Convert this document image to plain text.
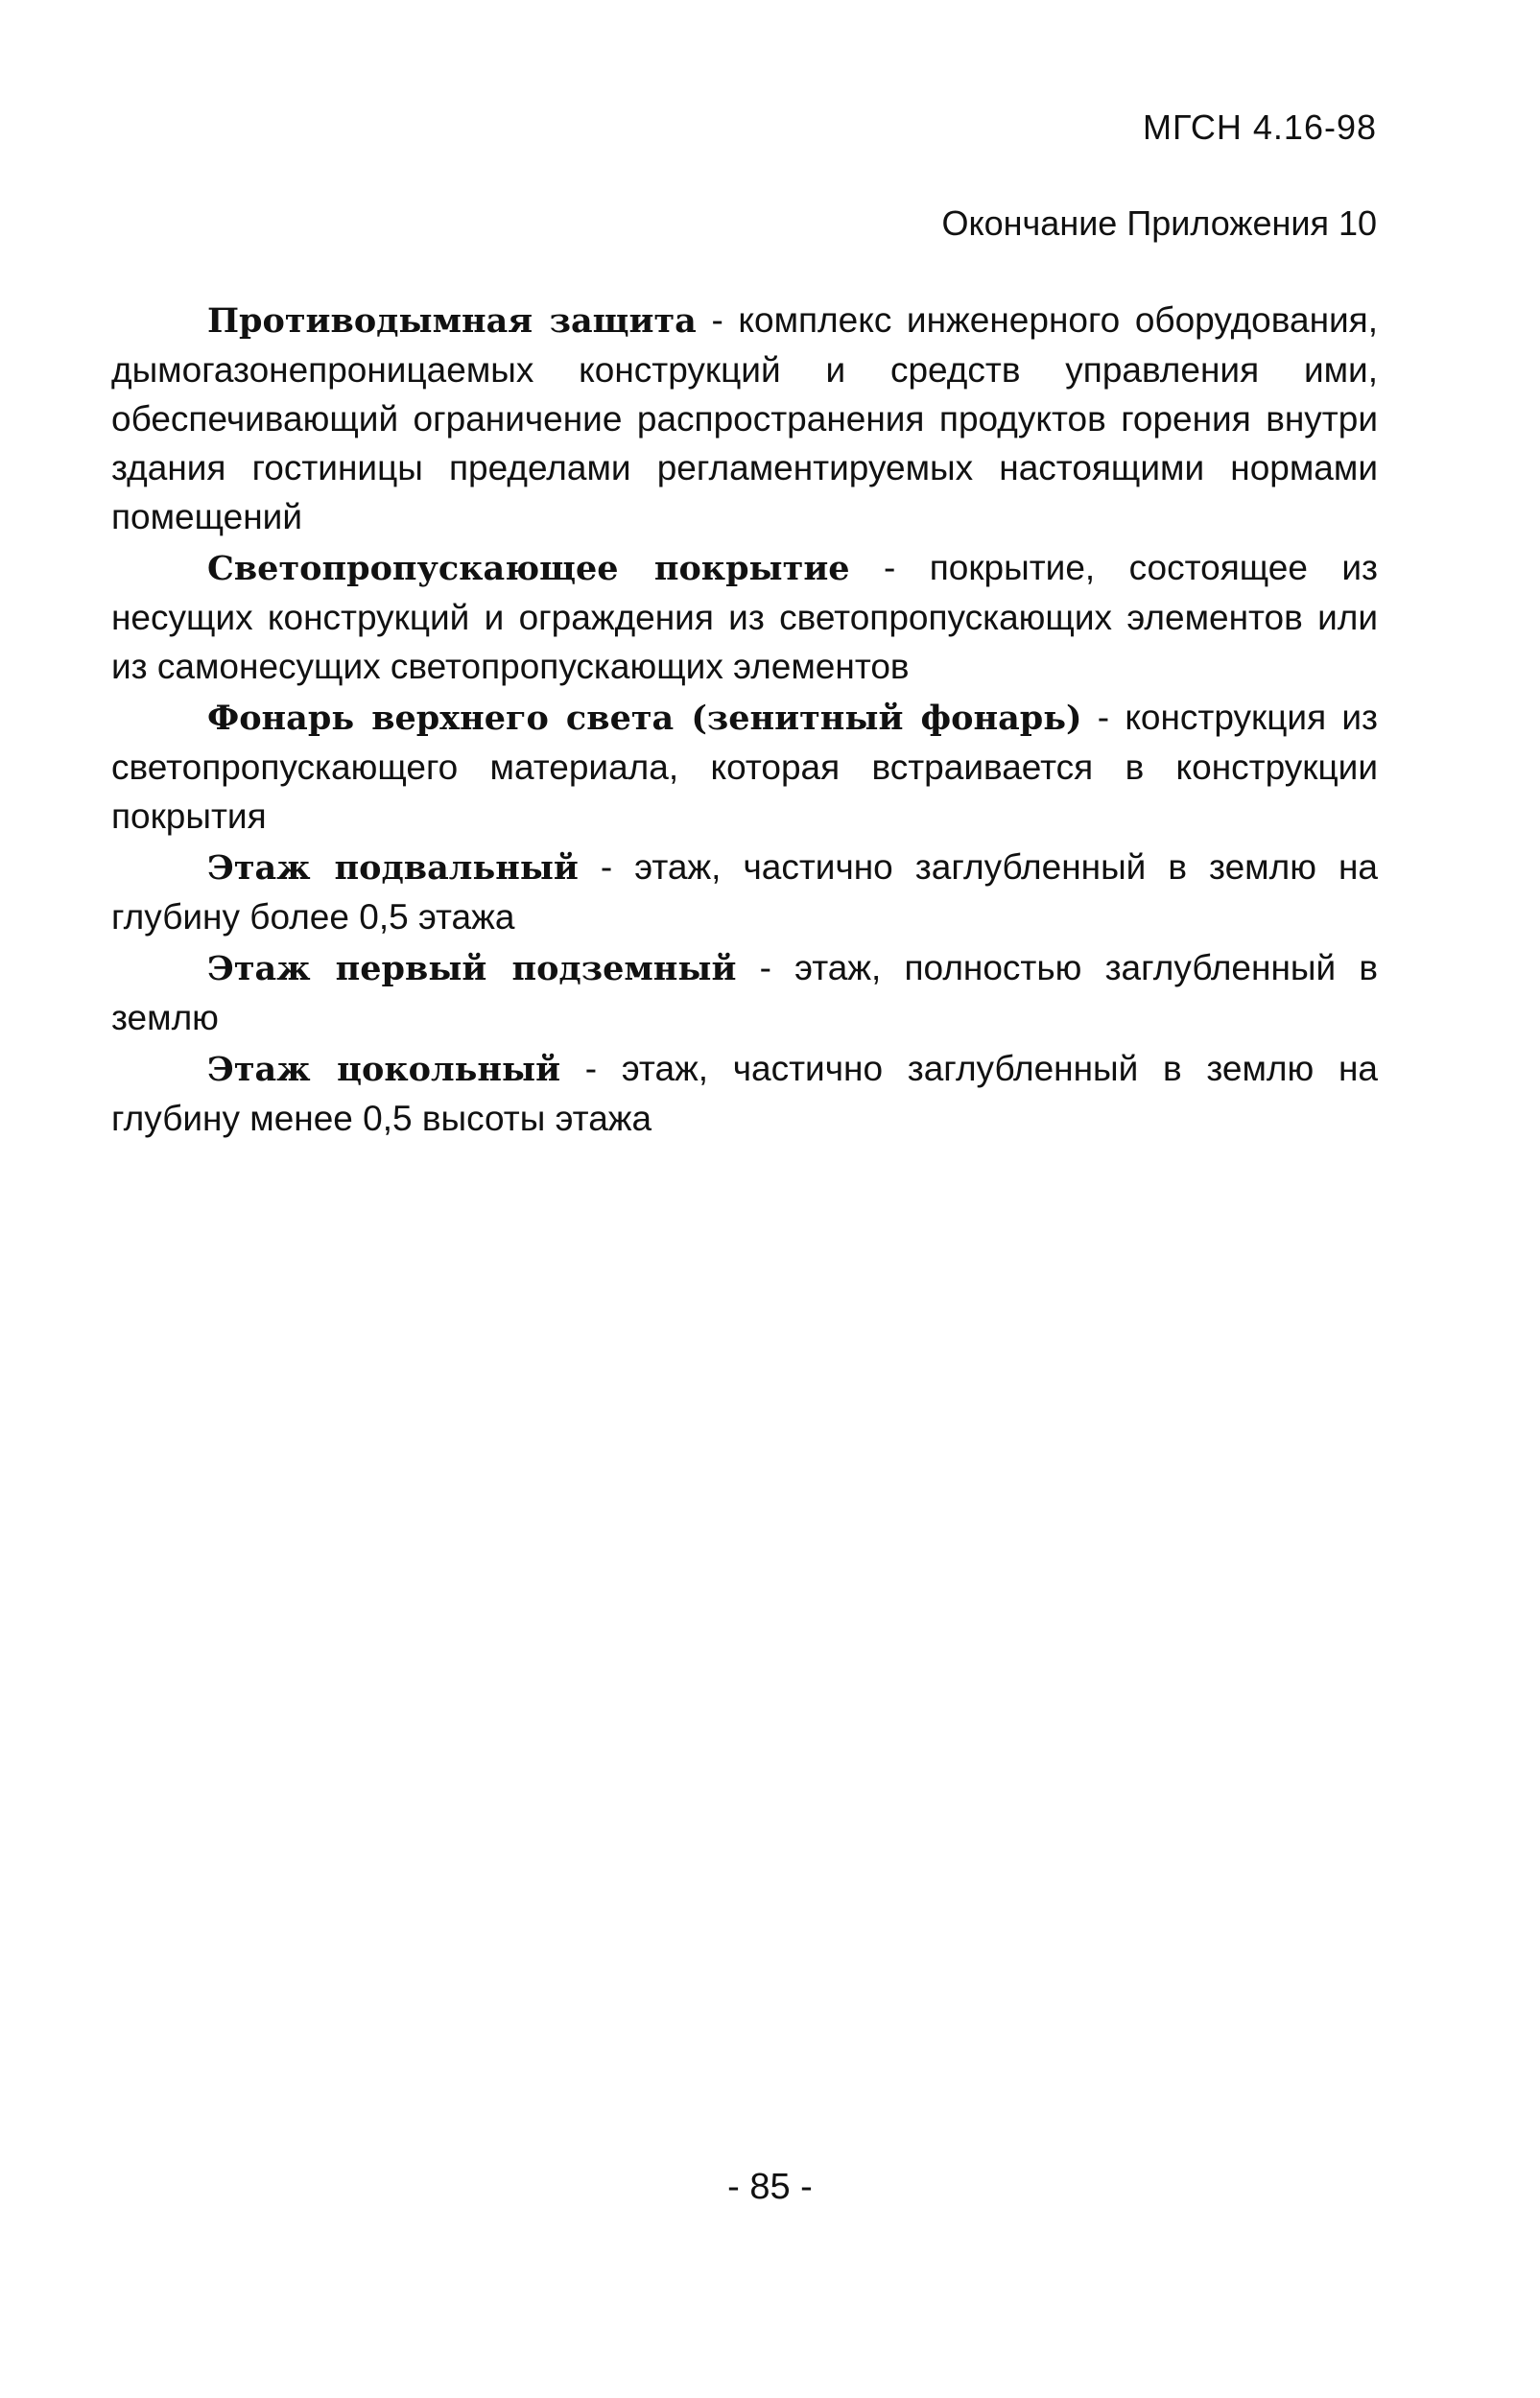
МГСН 4.16-98
Окончание Приложения 10

Противодымная защита - комплекс инженерного оборудования, дымогазонепроницаемых конструкций и средств управления ими, обеспечивающий ограничение распространения продуктов горения внутри здания гостиницы пределами регламентируемых настоящими нормами помещений

Светопропускающее покрытие - покрытие, состоящее из несущих конструкций и ограждения из светопропускающих элементов или из самонесущих светопропускающих элементов

Фонарь верхнего света (зенитный фонарь) - конструкция из светопропускающего материала, которая встраивается в конструкции покрытия

Этаж подвальный - этаж, частично заглубленный в землю на глубину более 0,5 этажа

Этаж первый подземный - этаж, полностью заглубленный в землю

Этаж цокольный - этаж, частично заглубленный в землю на глубину менее 0,5 высоты этажа

- 85 -
